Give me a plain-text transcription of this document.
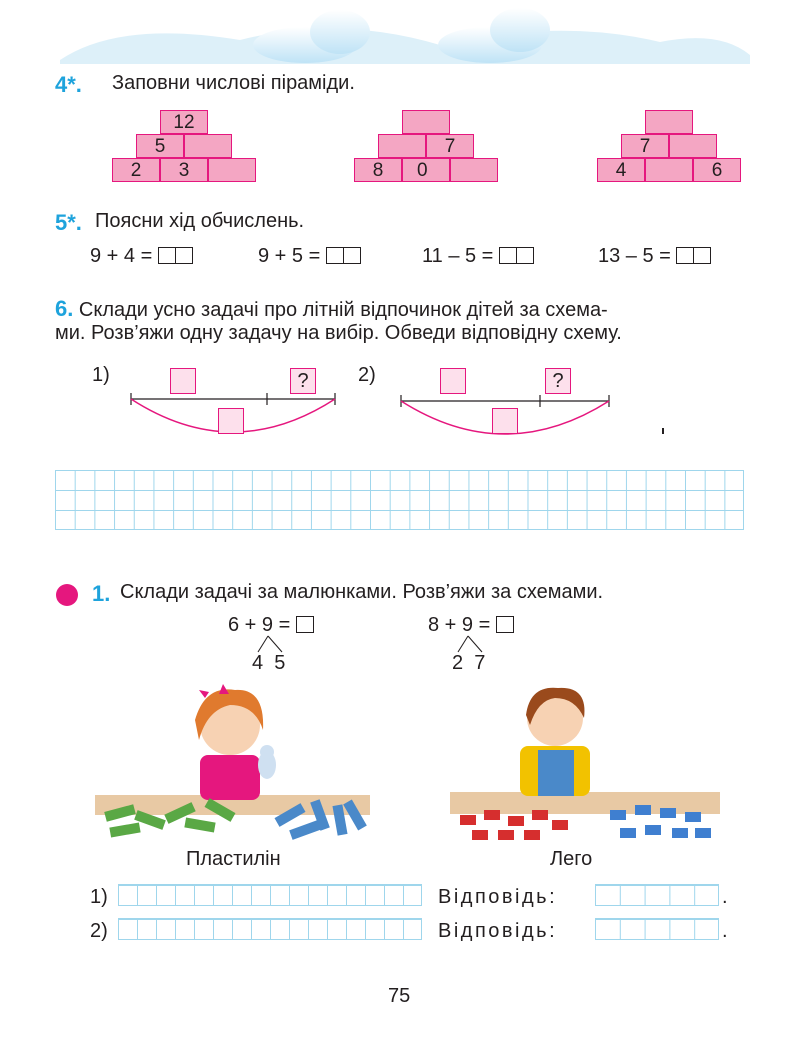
4*. Заповни числові піраміди.
12
5
2	3
7
8	0
7
4	6
5*. Поясни хід обчислень.
9 + 4 =	9 + 5 =	11 – 5 =	13 – 5 =
6. Склади усно задачі про літній відпочинок дітей за схема-
ми. Розв’яжи одну задачу на вибір. Обведи відповідну схему.
1)	?	2)	?
1. Склади задачі за малюнками. Розв’яжи за схемами.
6 + 9 =
4  5
8 + 9 =
2  7
Пластилін	Лего
1)	Відповідь:	.
2)	Відповідь:	.
75
